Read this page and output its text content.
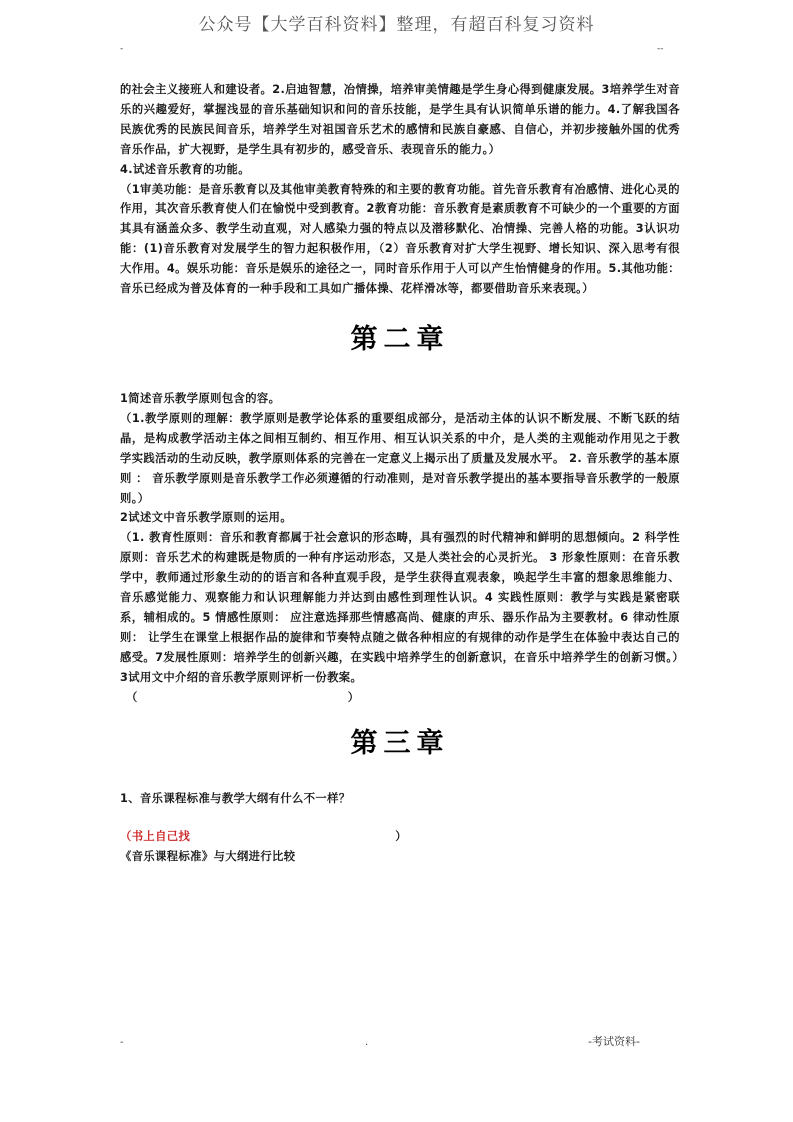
公众号【大学百科资料】整理，有超百科复习资料
-	--

的社会主义接班人和建设者。2.启迪智慧，冶情操，培养审美情趣是学生身心得到健康发展。3培养学生对音乐的兴趣爱好，掌握浅显的音乐基础知识和问的音乐技能，是学生具有认识简单乐谱的能力。4.了解我国各民族优秀的民族民间音乐，培养学生对祖国音乐艺术的感情和民族自豪感、自信心，并初步接触外国的优秀音乐作品，扩大视野，是学生具有初步的，感受音乐、表现音乐的能力。）

4.试述音乐教育的功能。

（1审美功能：是音乐教育以及其他审美教育特殊的和主要的教育功能。首先音乐教育有冶感情、进化心灵的作用，其次音乐教育使人们在愉悦中受到教育。2教育功能：音乐教育是素质教育不可缺少的一个重要的方面其具有涵盖众多、教学生动直观，对人感染力强的特点以及潜移默化、冶情操、完善人格的功能。3认识功能：(1)音乐教育对发展学生的智力起积极作用，（2）音乐教育对扩大学生视野、增长知识、深入思考有很大作用。4。娱乐功能：音乐是娱乐的途径之一，同时音乐作用于人可以产生怡情健身的作用。5.其他功能：音乐已经成为普及体育的一种手段和工具如广播体操、花样滑冰等，都要借助音乐来表现。）

第二章

1简述音乐教学原则包含的容。

（1.教学原则的理解：教学原则是教学论体系的重要组成部分，是活动主体的认识不断发展、不断飞跃的结晶，是构成教学活动主体之间相互制约、相互作用、相互认识关系的中介，是人类的主观能动作用见之于教学实践活动的生动反映，教学原则体系的完善在一定意义上揭示出了质量及发展水平。 2. 音乐教学的基本原则 ： 音乐教学原则是音乐教学工作必须遵循的行动准则，是对音乐教学提出的基本要指导音乐教学的一般原则。）

2试述文中音乐教学原则的运用。

（1. 教育性原则：音乐和教育都属于社会意识的形态畴，具有强烈的时代精神和鲜明的思想倾向。2 科学性原则：音乐艺术的构建既是物质的一种有序运动形态，又是人类社会的心灵折光。 3 形象性原则：在音乐教学中，教师通过形象生动的的语言和各种直观手段，是学生获得直观表象，唤起学生丰富的想象思维能力、音乐感觉能力、观察能力和认识理解能力并达到由感性到理性认识。4 实践性原则：教学与实践是紧密联系，辅相成的。5 情感性原则： 应注意选择那些情感高尚、健康的声乐、器乐作品为主要教材。6 律动性原则： 让学生在课堂上根据作品的旋律和节奏特点随之做各种相应的有规律的动作是学生在体验中表达自己的感受。7发展性原则：培养学生的创新兴趣，在实践中培养学生的创新意识，在音乐中培养学生的创新习惯。）

3试用文中介绍的音乐教学原则评析一份教案。

（	）

第三章

1、音乐课程标准与教学大纲有什么不一样？

（书上自己找	）

《音乐课程标准》与大纲进行比较

-	.	-考试资料-
